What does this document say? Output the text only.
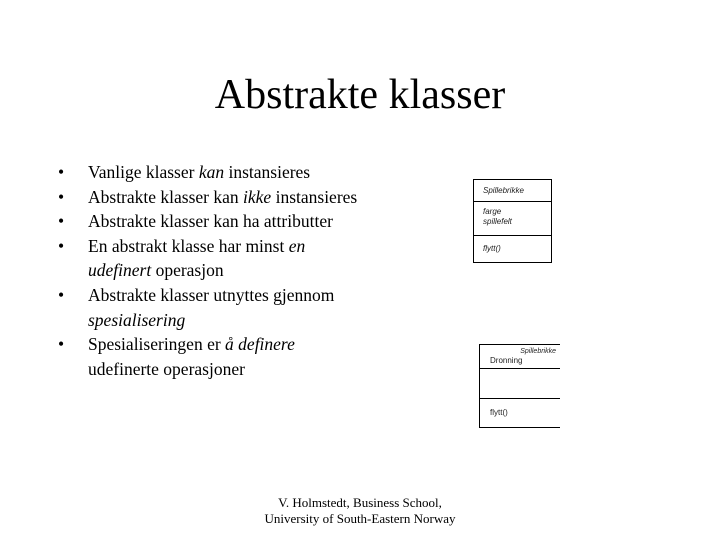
Abstrakte klasser
• Vanlige klasser kan instansieres
• Abstrakte klasser kan ikke instansieres
• Abstrakte klasser kan ha attributter
• En abstrakt klasse har minst en udefinert operasjon
• Abstrakte klasser utnyttes gjennom spesialisering
• Spesialiseringen er å definere udefinerte operasjoner
Spillebrikke
farge
spillefelt
flytt()
Spillebrikke
Dronning
flytt()
V. Holmstedt, Business School,
University of South-Eastern Norway
